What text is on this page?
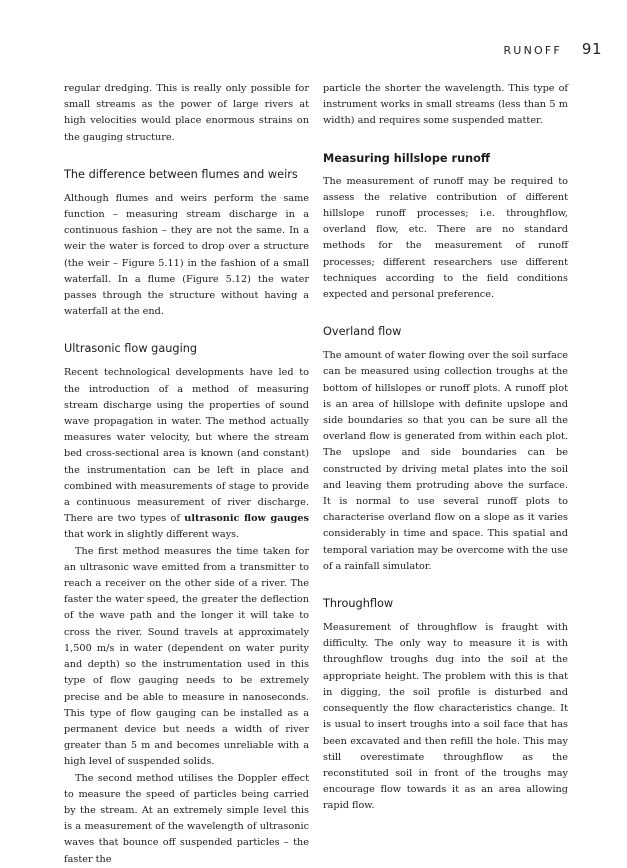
RUNOFF 91

regular dredging. This is really only possible for small streams as the power of large rivers at high velocities would place enormous strains on the gauging structure.

The difference between flumes and weirs

Although flumes and weirs perform the same function – measuring stream discharge in a continuous fashion – they are not the same. In a weir the water is forced to drop over a structure (the weir – Figure 5.11) in the fashion of a small waterfall. In a flume (Figure 5.12) the water passes through the structure without having a waterfall at the end.

Ultrasonic flow gauging

Recent technological developments have led to the introduction of a method of measuring stream discharge using the properties of sound wave propagation in water. The method actually measures water velocity, but where the stream bed cross-sectional area is known (and constant) the instrumentation can be left in place and combined with measurements of stage to provide a continuous measurement of river discharge. There are two types of ultrasonic flow gauges that work in slightly different ways.

The first method measures the time taken for an ultrasonic wave emitted from a transmitter to reach a receiver on the other side of a river. The faster the water speed, the greater the deflection of the wave path and the longer it will take to cross the river. Sound travels at approximately 1,500 m/s in water (dependent on water purity and depth) so the instrumentation used in this type of flow gauging needs to be extremely precise and be able to measure in nanoseconds. This type of flow gauging can be installed as a permanent device but needs a width of river greater than 5 m and becomes unreliable with a high level of suspended solids.

The second method utilises the Doppler effect to measure the speed of particles being carried by the stream. At an extremely simple level this is a measurement of the wavelength of ultrasonic waves that bounce off suspended particles – the faster the

particle the shorter the wavelength. This type of instrument works in small streams (less than 5 m width) and requires some suspended matter.

Measuring hillslope runoff

The measurement of runoff may be required to assess the relative contribution of different hillslope runoff processes; i.e. throughflow, overland flow, etc. There are no standard methods for the measurement of runoff processes; different researchers use different techniques according to the field conditions expected and personal preference.

Overland flow

The amount of water flowing over the soil surface can be measured using collection troughs at the bottom of hillslopes or runoff plots. A runoff plot is an area of hillslope with definite upslope and side boundaries so that you can be sure all the overland flow is generated from within each plot. The upslope and side boundaries can be constructed by driving metal plates into the soil and leaving them protruding above the surface. It is normal to use several runoff plots to characterise overland flow on a slope as it varies considerably in time and space. This spatial and temporal variation may be overcome with the use of a rainfall simulator.

Throughflow

Measurement of throughflow is fraught with difficulty. The only way to measure it is with throughflow troughs dug into the soil at the appropriate height. The problem with this is that in digging, the soil profile is disturbed and consequently the flow characteristics change. It is usual to insert troughs into a soil face that has been excavated and then refill the hole. This may still overestimate throughflow as the reconstituted soil in front of the troughs may encourage flow towards it as an area allowing rapid flow.
